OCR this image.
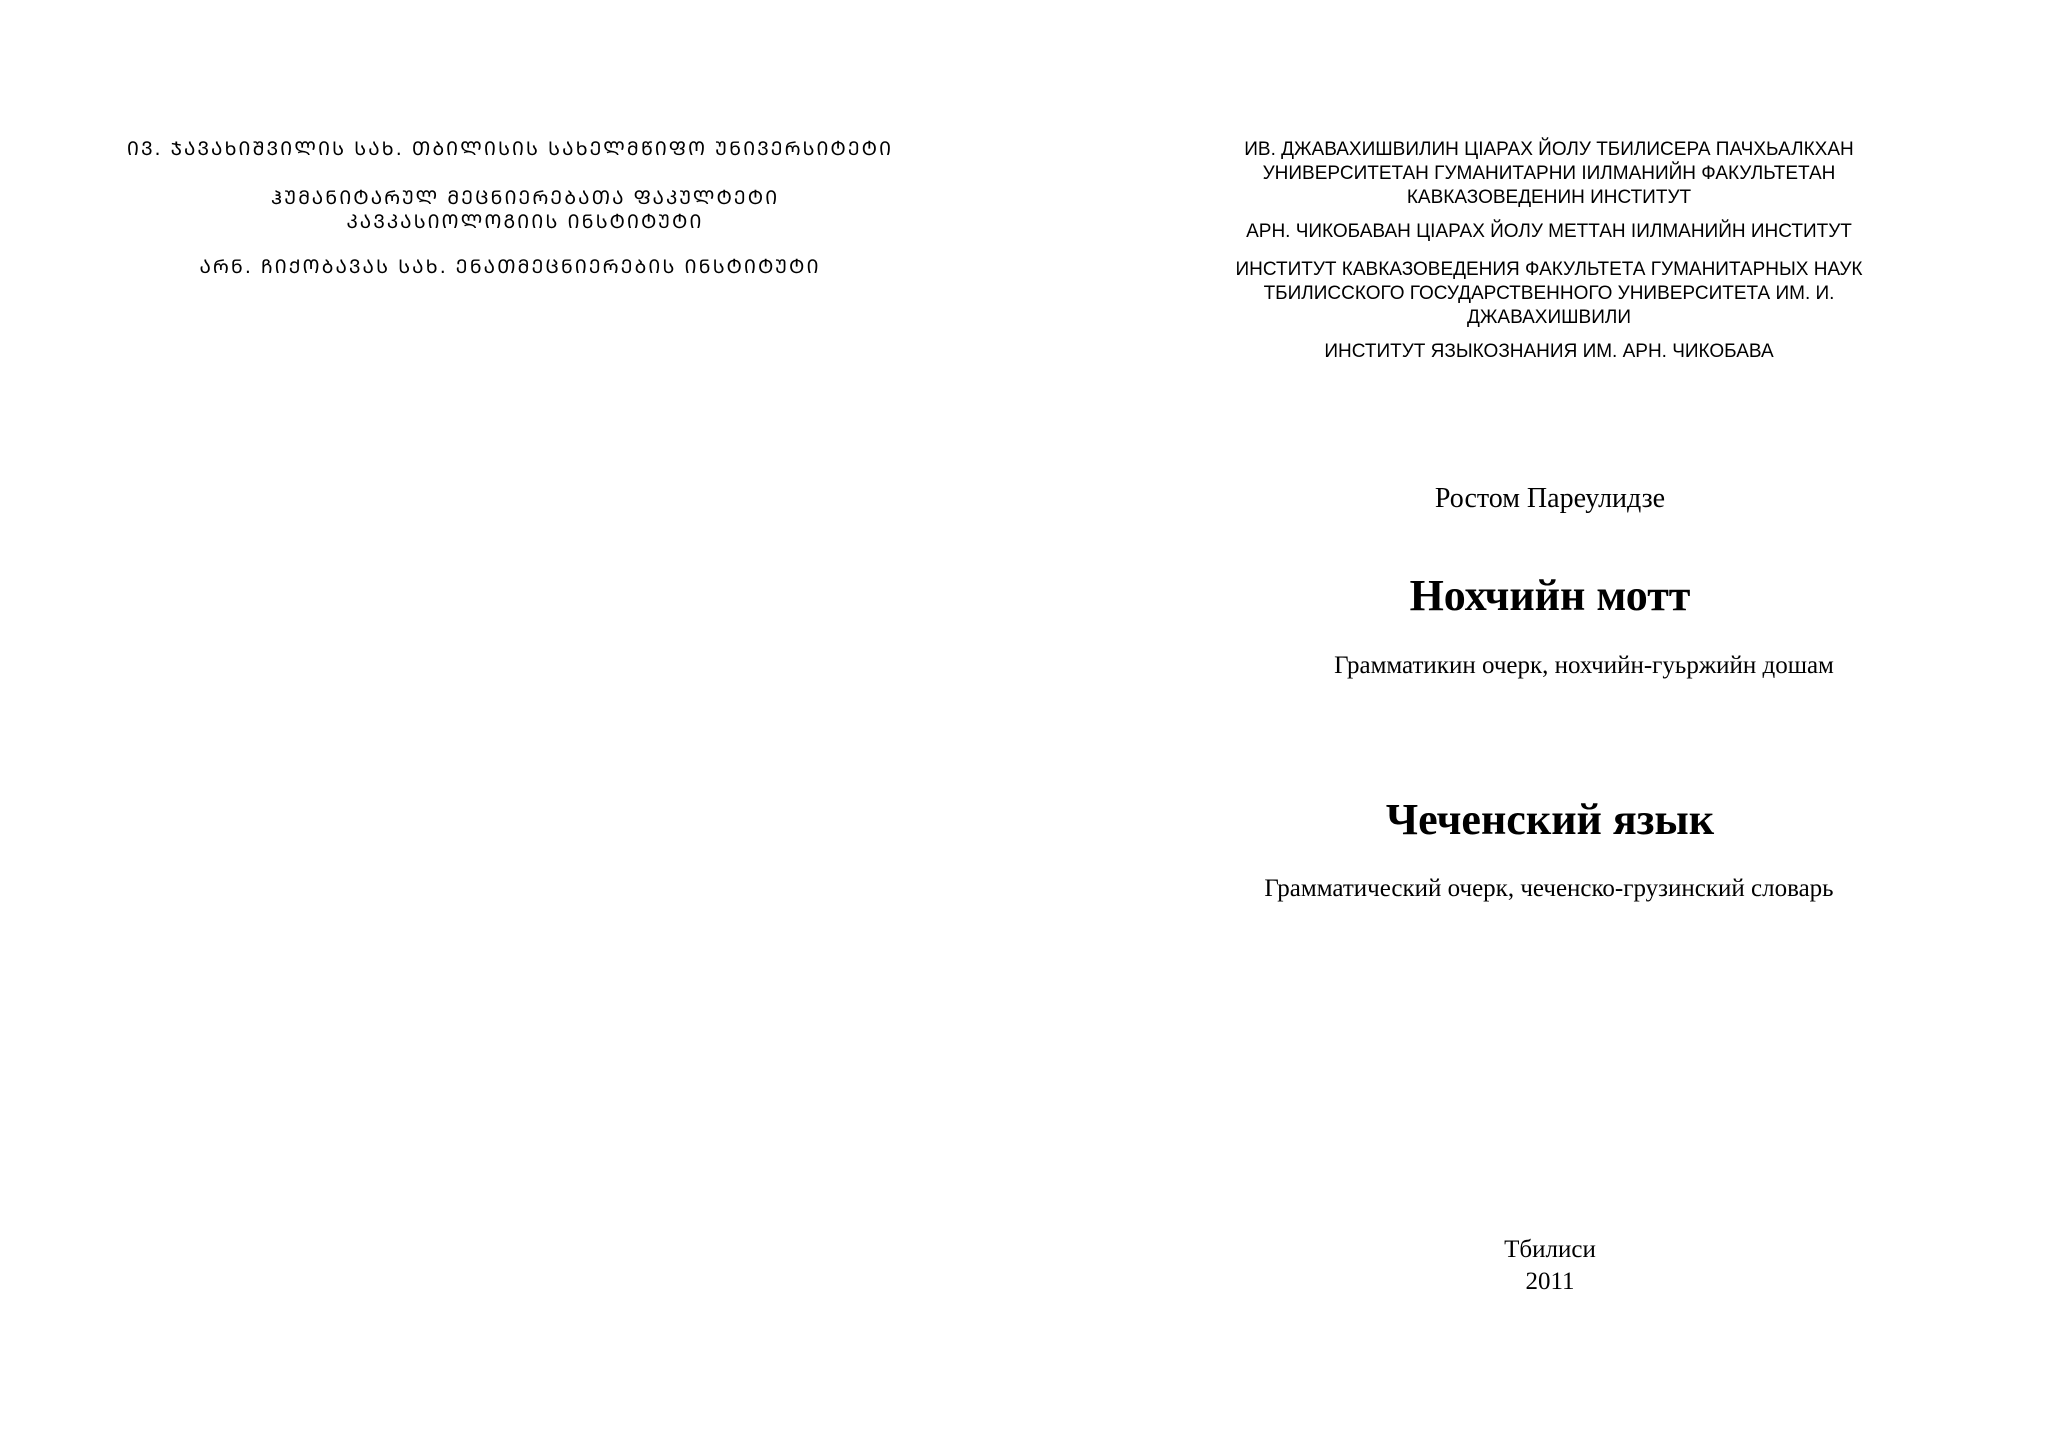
ᲘᲕ. ᲯᲐᲕᲐᲮᲘᲨᲕᲘᲚᲘᲡ ᲡᲐᲮ. ᲗᲑᲘᲚᲘᲡᲘᲡ ᲡᲐᲮᲔᲚᲛᲬᲘᲤᲝ ᲣᲜᲘᲕᲔᲠᲡᲘᲢᲔᲢᲘ
ᲰᲣᲛᲐᲜᲘᲢᲐᲠᲣᲚ ᲛᲔᲪᲜᲘᲔᲠᲔᲑᲐᲗᲐ ᲤᲐᲙᲣᲚᲢᲔᲢᲘ
ᲙᲐᲕᲙᲐᲡᲘᲝᲚᲝᲒᲘᲘᲡ ᲘᲜᲡᲢᲘᲢᲣᲢᲘ
ᲐᲠᲜ. ᲩᲘᲥᲝᲑᲐᲕᲐᲡ ᲡᲐᲮ. ᲔᲜᲐᲗᲛᲔᲪᲜᲘᲔᲠᲔᲑᲘᲡ ᲘᲜᲡᲢᲘᲢᲣᲢᲘ
ИВ. ДЖАВАХИШВИЛИН ЦIАРАХ ЙОЛУ ТБИЛИСЕРА ПАЧХЬАЛКХАН
УНИВЕРСИТЕТАН ГУМАНИТАРНИ IИЛМАНИЙН ФАКУЛЬТЕТАН
КАВКАЗОВЕДЕНИН ИНСТИТУТ
АРН. ЧИКОБАВАН ЦIАРАХ ЙОЛУ МЕТТАН IИЛМАНИЙН ИНСТИТУТ
ИНСТИТУТ КАВКАЗОВЕДЕНИЯ ФАКУЛЬТЕТА ГУМАНИТАРНЫХ НАУК
ТБИЛИССКОГО ГОСУДАРСТВЕННОГО УНИВЕРСИТЕТА ИМ. И.
ДЖАВАХИШВИЛИ
ИНСТИТУТ ЯЗЫКОЗНАНИЯ ИМ. АРН. ЧИКОБАВА
Ростом Пареулидзе
Нохчийн мотт
Грамматикин очерк, нохчийн-гуьржийн дошам
Чеченский язык
Грамматический очерк, чеченско-грузинский словарь
Тбилиси
2011
